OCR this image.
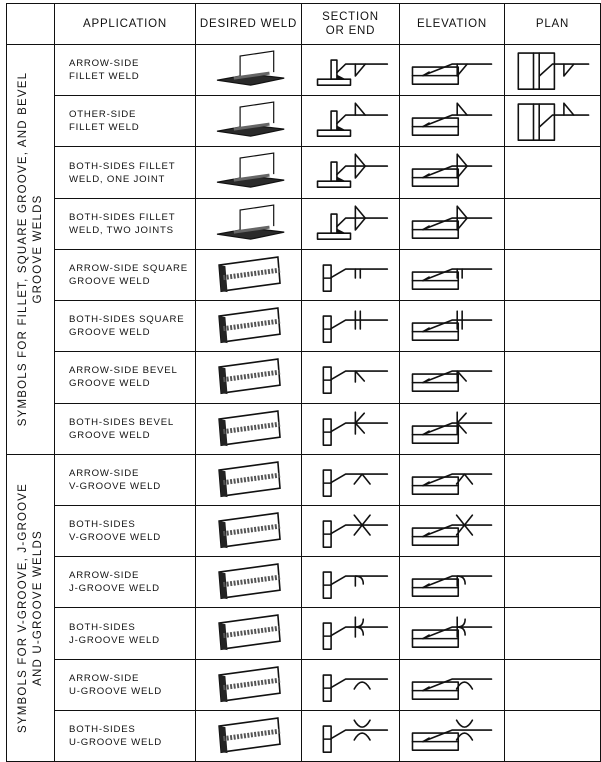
	APPLICATION	DESIRED WELD	SECTION
OR END	ELEVATION	PLAN

SYMBOLS FOR FILLET, SQUARE GROOVE, AND BEVEL
GROOVE WELDS	ARROW-SIDE
FILLET WELD

	OTHER-SIDE
FILLET WELD

	BOTH-SIDES FILLET
WELD, ONE JOINT

	BOTH-SIDES FILLET
WELD, TWO JOINTS

	ARROW-SIDE SQUARE
GROOVE WELD

	BOTH-SIDES SQUARE
GROOVE WELD

	ARROW-SIDE BEVEL
GROOVE WELD

	BOTH-SIDES BEVEL
GROOVE WELD

SYMBOLS FOR V-GROOVE, J-GROOVE
AND U-GROOVE WELDS	ARROW-SIDE
V-GROOVE WELD

	BOTH-SIDES
V-GROOVE WELD

	ARROW-SIDE
J-GROOVE WELD

	BOTH-SIDES
J-GROOVE WELD

	ARROW-SIDE
U-GROOVE WELD

	BOTH-SIDES
U-GROOVE WELD
